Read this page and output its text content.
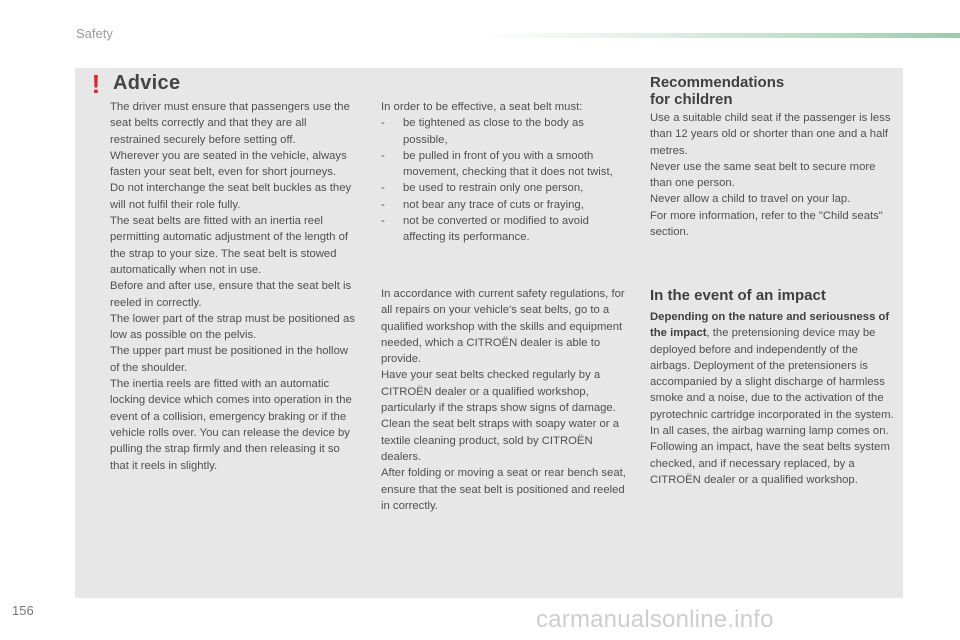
Safety
! Advice

The driver must ensure that passengers use the seat belts correctly and that they are all restrained securely before setting off.

Wherever you are seated in the vehicle, always fasten your seat belt, even for short journeys.

Do not interchange the seat belt buckles as they will not fulfil their role fully.

The seat belts are fitted with an inertia reel permitting automatic adjustment of the length of the strap to your size. The seat belt is stowed automatically when not in use.

Before and after use, ensure that the seat belt is reeled in correctly.

The lower part of the strap must be positioned as low as possible on the pelvis.

The upper part must be positioned in the hollow of the shoulder.

The inertia reels are fitted with an automatic locking device which comes into operation in the event of a collision, emergency braking or if the vehicle rolls over. You can release the device by pulling the strap firmly and then releasing it so that it reels in slightly.

In order to be effective, a seat belt must:

- be tightened as close to the body as possible,
- be pulled in front of you with a smooth movement, checking that it does not twist,
- be used to restrain only one person,
- not bear any trace of cuts or fraying,
- not be converted or modified to avoid affecting its performance.

In accordance with current safety regulations, for all repairs on your vehicle's seat belts, go to a qualified workshop with the skills and equipment needed, which a CITROËN dealer is able to provide.

Have your seat belts checked regularly by a CITROËN dealer or a qualified workshop, particularly if the straps show signs of damage.

Clean the seat belt straps with soapy water or a textile cleaning product, sold by CITROËN dealers.

After folding or moving a seat or rear bench seat, ensure that the seat belt is positioned and reeled in correctly.

Recommendations
for children

Use a suitable child seat if the passenger is less than 12 years old or shorter than one and a half metres.

Never use the same seat belt to secure more than one person.

Never allow a child to travel on your lap.

For more information, refer to the "Child seats" section.

In the event of an impact

Depending on the nature and seriousness of the impact, the pretensioning device may be deployed before and independently of the airbags. Deployment of the pretensioners is accompanied by a slight discharge of harmless smoke and a noise, due to the activation of the pyrotechnic cartridge incorporated in the system.

In all cases, the airbag warning lamp comes on.

Following an impact, have the seat belts system checked, and if necessary replaced, by a CITROËN dealer or a qualified workshop.

156	carmanualsonline.info
